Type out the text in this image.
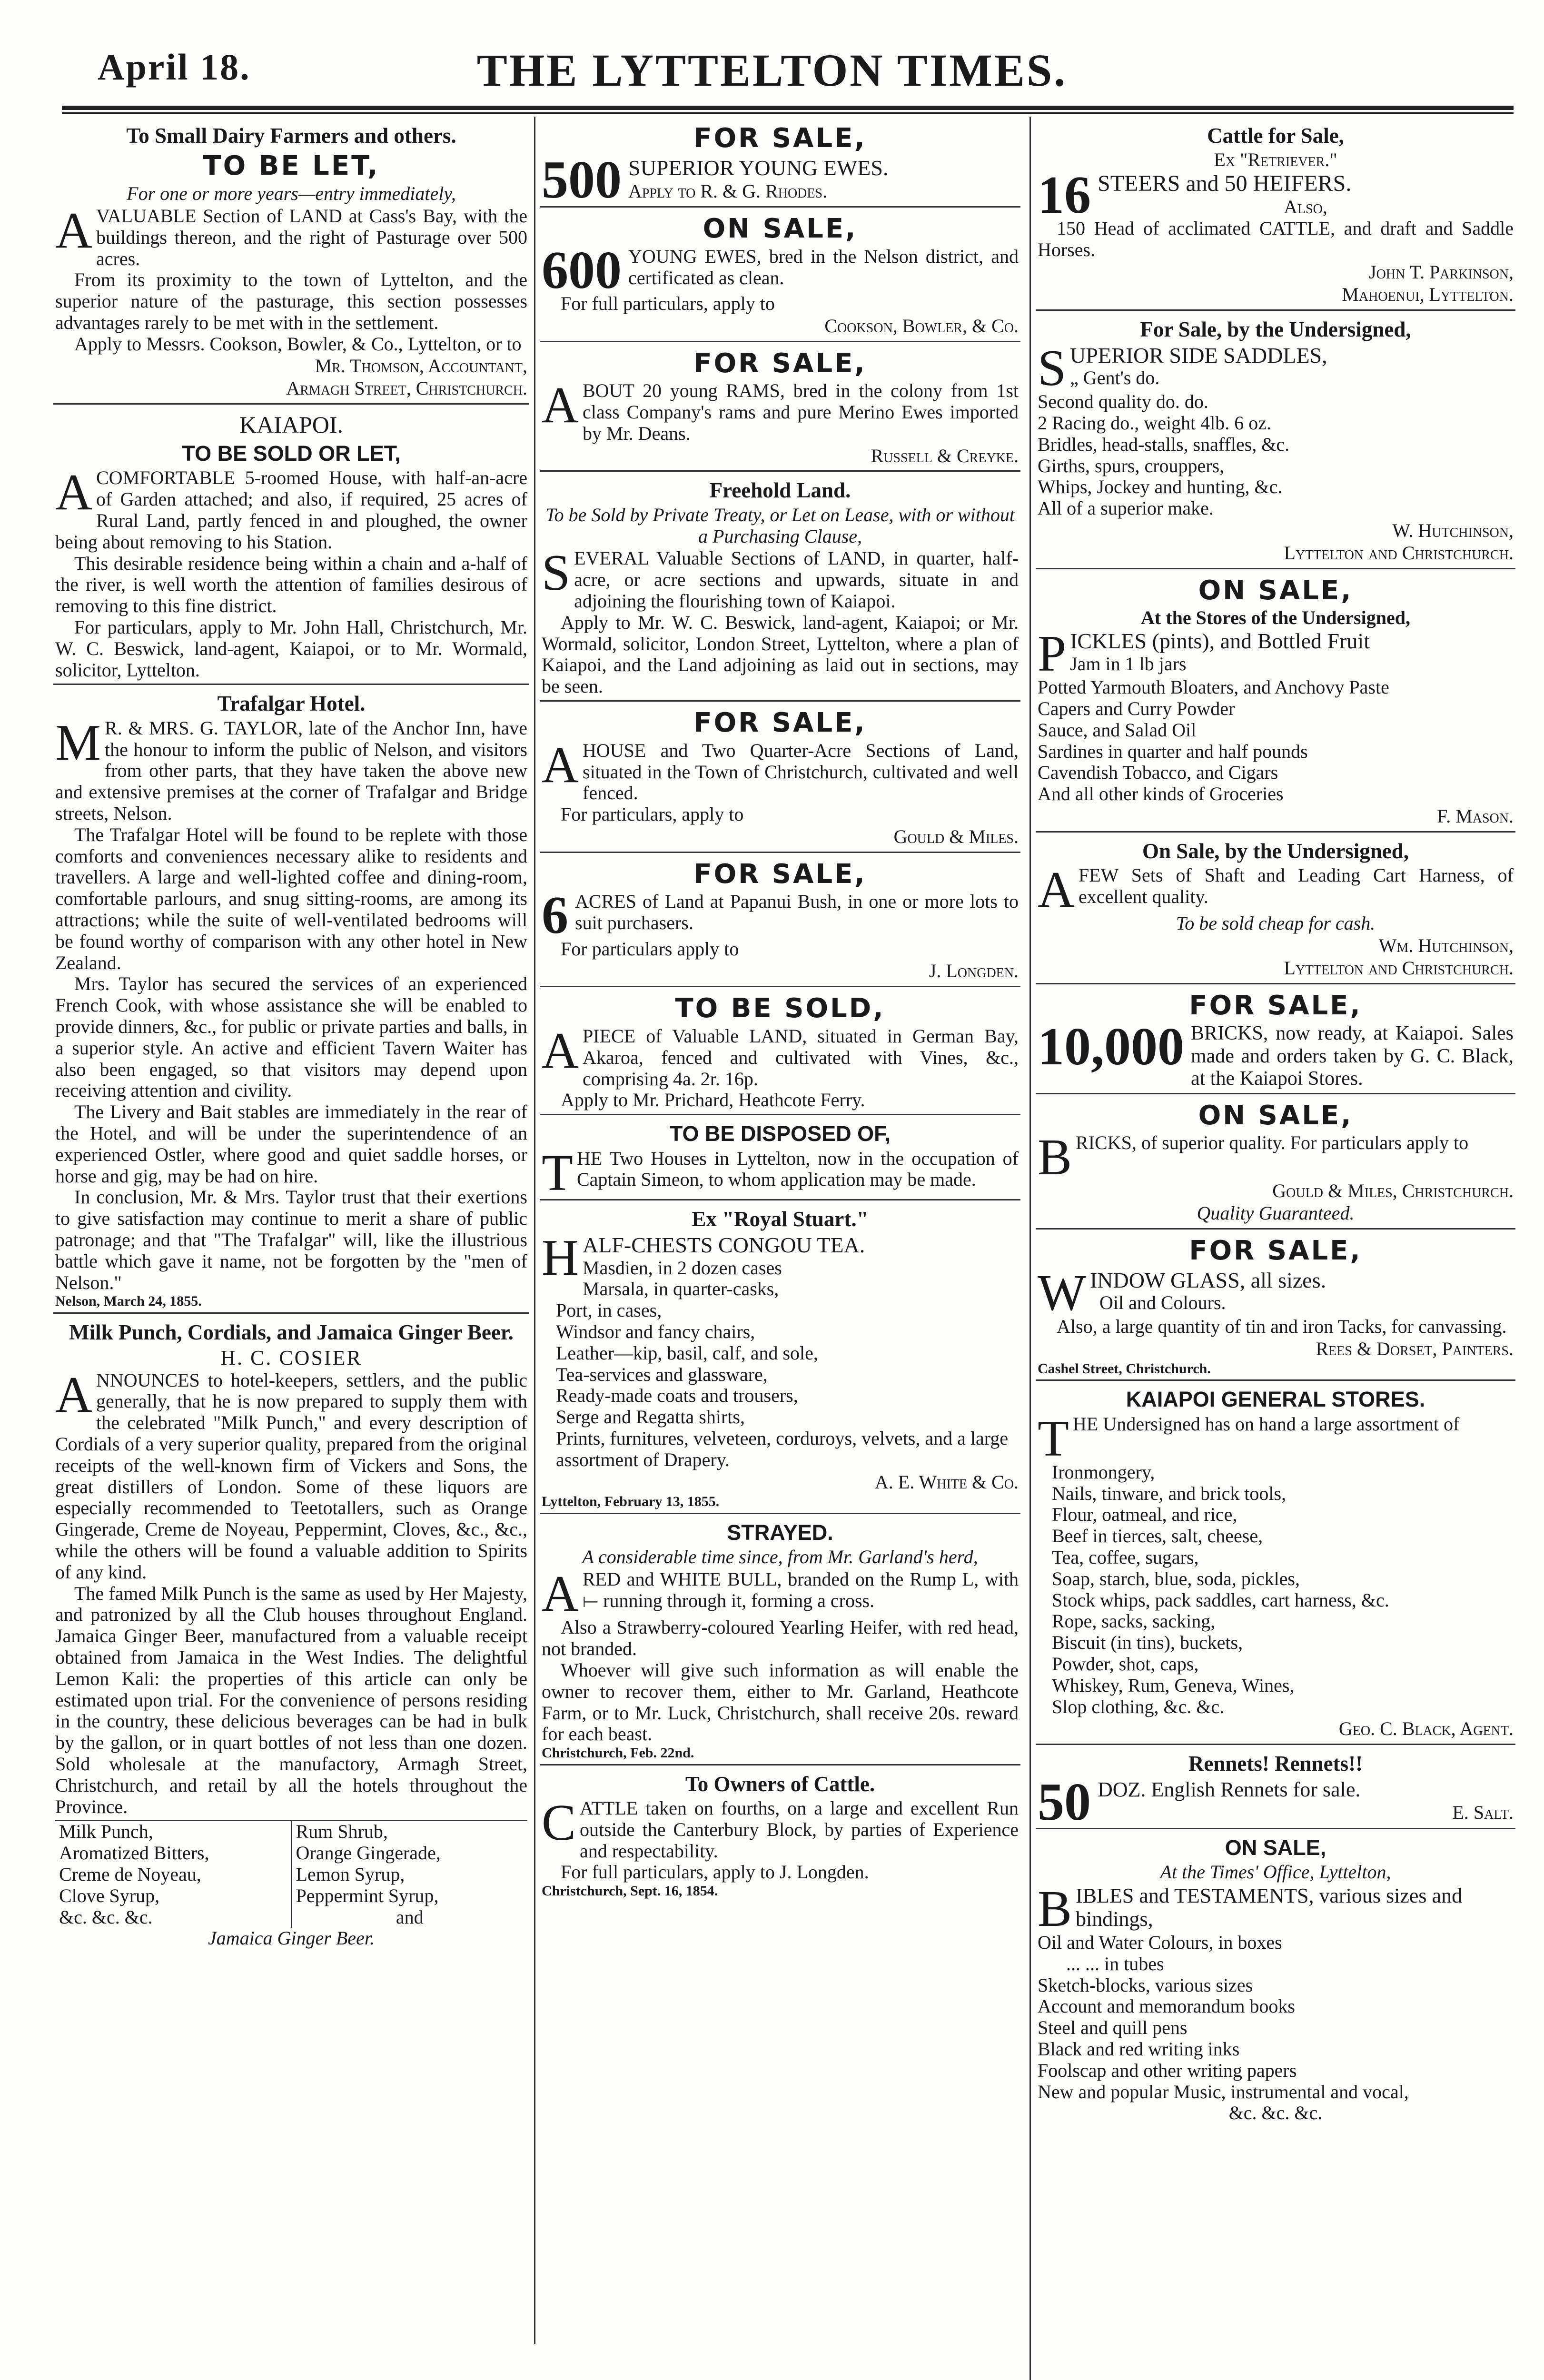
April 18.	THE LYTTELTON TIMES.
To Small Dairy Farmers and others.
TO BE LET,
For one or more years—entry immediately,

AVALUABLE Section of LAND at Cass's Bay, with the buildings thereon, and the right of Pasturage over 500 acres.

From its proximity to the town of Lyttelton, and the superior nature of the pasturage, this section possesses advantages rarely to be met with in the settlement.

Apply to Messrs. Cookson, Bowler, & Co., Lyttelton, or to

Mr. Thomson, Accountant,
Armagh Street, Christchurch.
KAIAPOI.
TO BE SOLD OR LET,

ACOMFORTABLE 5-roomed House, with half-an-acre of Garden attached; and also, if required, 25 acres of Rural Land, partly fenced in and ploughed, the owner being about removing to his Station.

This desirable residence being within a chain and a-half of the river, is well worth the attention of families desirous of removing to this fine district.

For particulars, apply to Mr. John Hall, Christchurch, Mr. W. C. Beswick, land-agent, Kaiapoi, or to Mr. Wormald, solicitor, Lyttelton.

Trafalgar Hotel.

M R. & MRS. G. TAYLOR, late of the Anchor Inn, have the honour to inform the public of Nelson, and visitors from other parts, that they have taken the above new and extensive premises at the corner of Trafalgar and Bridge streets, Nelson.

The Trafalgar Hotel will be found to be replete with those comforts and conveniences necessary alike to residents and travellers. A large and well-lighted coffee and dining-room, comfortable parlours, and snug sitting-rooms, are among its attractions; while the suite of well-ventilated bedrooms will be found worthy of comparison with any other hotel in New Zealand.

Mrs. Taylor has secured the services of an experienced French Cook, with whose assistance she will be enabled to provide dinners, &c., for public or private parties and balls, in a superior style. An active and efficient Tavern Waiter has also been engaged, so that visitors may depend upon receiving attention and civility.

The Livery and Bait stables are immediately in the rear of the Hotel, and will be under the superintendence of an experienced Ostler, where good and quiet saddle horses, or horse and gig, may be had on hire.

In conclusion, Mr. & Mrs. Taylor trust that their exertions to give satisfaction may continue to merit a share of public patronage; and that "The Trafalgar" will, like the illustrious battle which gave it name, not be forgotten by the "men of Nelson."

Nelson, March 24, 1855.
Milk Punch, Cordials, and Jamaica Ginger Beer.
H. C. COSIER

ANNOUNCES to hotel-keepers, settlers, and the public generally, that he is now prepared to supply them with the celebrated "Milk Punch," and every description of Cordials of a very superior quality, prepared from the original receipts of the well-known firm of Vickers and Sons, the great distillers of London. Some of these liquors are especially recommended to Teetotallers, such as Orange Gingerade, Creme de Noyeau, Peppermint, Cloves, &c., &c., while the others will be found a valuable addition to Spirits of any kind.

The famed Milk Punch is the same as used by Her Majesty, and patronized by all the Club houses throughout England. Jamaica Ginger Beer, manufactured from a valuable receipt obtained from Jamaica in the West Indies. The delightful Lemon Kali: the properties of this article can only be estimated upon trial. For the convenience of persons residing in the country, these delicious beverages can be had in bulk by the gallon, or in quart bottles of not less than one dozen. Sold wholesale at the manufactory, Armagh Street, Christchurch, and retail by all the hotels throughout the Province.

Milk Punch,
Aromatized Bitters,
Creme de Noyeau,
Clove Syrup,
&c. &c. &c.
Rum Shrub,
Orange Gingerade,
Lemon Syrup,
Peppermint Syrup,
and
Jamaica Ginger Beer.
FOR SALE,
500 SUPERIOR YOUNG EWES.
Apply to R. & G. Rhodes.
ON SALE,

600 YOUNG EWES, bred in the Nelson district, and certificated as clean.

For full particulars, apply to

Cookson, Bowler, & Co.
FOR SALE,

ABOUT 20 young RAMS, bred in the colony from 1st class Company's rams and pure Merino Ewes imported by Mr. Deans.

Russell & Creyke.
Freehold Land.
To be Sold by Private Treaty, or Let on Lease, with or without a Purchasing Clause,

SEVERAL Valuable Sections of LAND, in quarter, half-acre, or acre sections and upwards, situate in and adjoining the flourishing town of Kaiapoi.

Apply to Mr. W. C. Beswick, land-agent, Kaiapoi; or Mr. Wormald, solicitor, London Street, Lyttelton, where a plan of Kaiapoi, and the Land adjoining as laid out in sections, may be seen.

FOR SALE,

AHOUSE and Two Quarter-Acre Sections of Land, situated in the Town of Christchurch, cultivated and well fenced.

For particulars, apply to

Gould & Miles.
FOR SALE,

6 ACRES of Land at Papanui Bush, in one or more lots to suit purchasers.

For particulars apply to

J. Longden.
TO BE SOLD,

APIECE of Valuable LAND, situated in German Bay, Akaroa, fenced and cultivated with Vines, &c., comprising 4a. 2r. 16p.

Apply to Mr. Prichard, Heathcote Ferry.

TO BE DISPOSED OF,

THE Two Houses in Lyttelton, now in the occupation of Captain Simeon, to whom application may be made.

Ex "Royal Stuart."

HALF-CHESTS CONGOU TEA.

Masdien, in 2 dozen cases
Marsala, in quarter-casks,
Port, in cases,
Windsor and fancy chairs,
Leather—kip, basil, calf, and sole,
Tea-services and glassware,
Ready-made coats and trousers,
Serge and Regatta shirts,
Prints, furnitures, velveteen, corduroys, velvets, and a large assortment of Drapery.
A. E. White & Co.
Lyttelton, February 13, 1855.
STRAYED.
A considerable time since, from Mr. Garland's herd,

ARED and WHITE BULL, branded on the Rump L, with ⟝ running through it, forming a cross.

Also a Strawberry-coloured Yearling Heifer, with red head, not branded.

Whoever will give such information as will enable the owner to recover them, either to Mr. Garland, Heathcote Farm, or to Mr. Luck, Christchurch, shall receive 20s. reward for each beast.

Christchurch, Feb. 22nd.
To Owners of Cattle.

CATTLE taken on fourths, on a large and excellent Run outside the Canterbury Block, by parties of Experience and respectability.

For full particulars, apply to J. Longden.

Christchurch, Sept. 16, 1854.
Cattle for Sale,
Ex "Retriever."

16 STEERS and 50 HEIFERS.

Also,

150 Head of acclimated CATTLE, and draft and Saddle Horses.

John T. Parkinson,
Mahoenui, Lyttelton.
For Sale, by the Undersigned,
S UPERIOR SIDE SADDLES,
„ Gent's do.
Second quality do. do.
2 Racing do., weight 4lb. 6 oz.
Bridles, head-stalls, snaffles, &c.
Girths, spurs, crouppers,
Whips, Jockey and hunting, &c.
All of a superior make.
W. Hutchinson,
Lyttelton and Christchurch.
ON SALE,
At the Stores of the Undersigned,
P ICKLES (pints), and Bottled Fruit
Jam in 1 lb jars
Potted Yarmouth Bloaters, and Anchovy Paste
Capers and Curry Powder
Sauce, and Salad Oil
Sardines in quarter and half pounds
Cavendish Tobacco, and Cigars
And all other kinds of Groceries
F. Mason.
On Sale, by the Undersigned,

AFEW Sets of Shaft and Leading Cart Harness, of excellent quality.

To be sold cheap for cash.
Wm. Hutchinson,
Lyttelton and Christchurch.
FOR SALE,

10,000 BRICKS, now ready, at Kaiapoi. Sales made and orders taken by G. C. Black, at the Kaiapoi Stores.

ON SALE,

BRICKS, of superior quality. For particulars apply to

Gould & Miles, Christchurch.
Quality Guaranteed.
FOR SALE,

WINDOW GLASS, all sizes.

Oil and Colours.

Also, a large quantity of tin and iron Tacks, for canvassing.

Rees & Dorset, Painters.
Cashel Street, Christchurch.
KAIAPOI GENERAL STORES.

THE Undersigned has on hand a large assortment of

Ironmongery,
Nails, tinware, and brick tools,
Flour, oatmeal, and rice,
Beef in tierces, salt, cheese,
Tea, coffee, sugars,
Soap, starch, blue, soda, pickles,
Stock whips, pack saddles, cart harness, &c.
Rope, sacks, sacking,
Biscuit (in tins), buckets,
Powder, shot, caps,
Whiskey, Rum, Geneva, Wines,
Slop clothing, &c. &c.
Geo. C. Black, Agent.
Rennets! Rennets!!
50 DOZ. English Rennets for sale.
E. Salt.
ON SALE,
At the Times' Office, Lyttelton,
B IBLES and TESTAMENTS, various sizes and bindings,
Oil and Water Colours, in boxes
... ... in tubes
Sketch-blocks, various sizes
Account and memorandum books
Steel and quill pens
Black and red writing inks
Foolscap and other writing papers
New and popular Music, instrumental and vocal,
&c. &c. &c.
